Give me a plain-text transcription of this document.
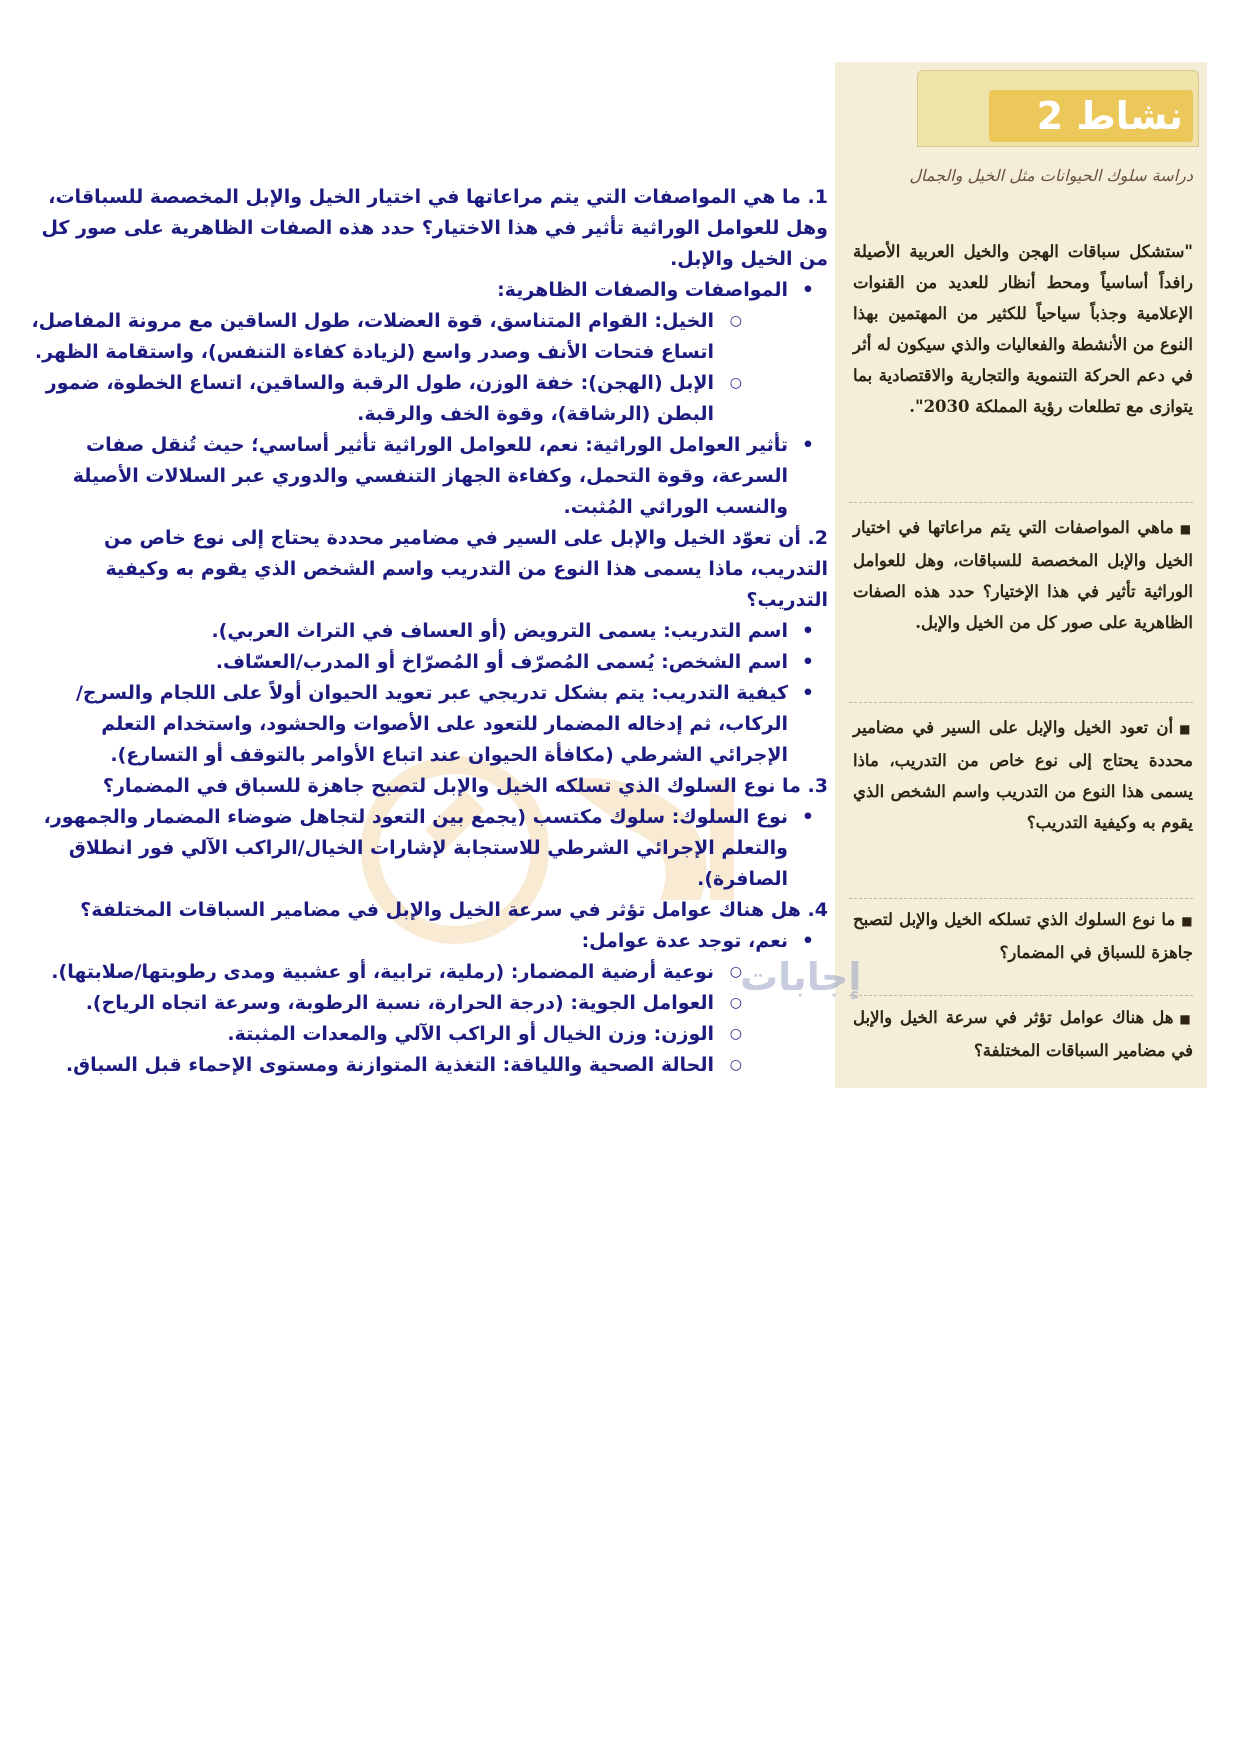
نشاط 2
دراسة سلوك الحيوانات مثل الخيل والجمال
"ستشكل سباقات الهجن والخيل العربية الأصيلة رافداً أساسياً ومحط أنظار للعديد من القنوات الإعلامية وجذباً سياحياً للكثير من المهتمين بهذا النوع من الأنشطة والفعاليات والذي سيكون له أثر في دعم الحركة التنموية والتجارية والاقتصادية بما يتوازى مع تطلعات رؤية المملكة 2030".
■ماهي المواصفات التي يتم مراعاتها في اختيار الخيل والإبل المخصصة للسباقات، وهل للعوامل الوراثية تأثير في هذا الإختيار؟ حدد هذه الصفات الظاهرية على صور كل من الخيل والإبل.
■أن تعود الخيل والإبل على السير في مضامير محددة يحتاج إلى نوع خاص من التدريب، ماذا يسمى هذا النوع من التدريب واسم الشخص الذي يقوم به وكيفية التدريب؟
■ما نوع السلوك الذي تسلكه الخيل والإبل لتصبح جاهزة للسباق في المضمار؟
■هل هناك عوامل تؤثر في سرعة الخيل والإبل في مضامير السباقات المختلفة؟
إجابات

1. ما هي المواصفات التي يتم مراعاتها في اختيار الخيل والإبل المخصصة للسباقات، وهل للعوامل الوراثية تأثير في هذا الاختيار؟ حدد هذه الصفات الظاهرية على صور كل من الخيل والإبل.

• المواصفات والصفات الظاهرية:
○ الخيل: القوام المتناسق، قوة العضلات، طول الساقين مع مرونة المفاصل، اتساع فتحات الأنف وصدر واسع (لزيادة كفاءة التنفس)، واستقامة الظهر.
○ الإبل (الهجن): خفة الوزن، طول الرقبة والساقين، اتساع الخطوة، ضمور البطن (الرشاقة)، وقوة الخف والرقبة.
• تأثير العوامل الوراثية: نعم، للعوامل الوراثية تأثير أساسي؛ حيث تُنقل صفات السرعة، وقوة التحمل، وكفاءة الجهاز التنفسي والدوري عبر السلالات الأصيلة والنسب الوراثي المُثبت.

2. أن تعوّد الخيل والإبل على السير في مضامير محددة يحتاج إلى نوع خاص من التدريب، ماذا يسمى هذا النوع من التدريب واسم الشخص الذي يقوم به وكيفية التدريب؟

• اسم التدريب: يسمى الترويض (أو العساف في التراث العربي).
• اسم الشخص: يُسمى المُصرّف أو المُصرّاخ أو المدرب/العسّاف.
• كيفية التدريب: يتم بشكل تدريجي عبر تعويد الحيوان أولاً على اللجام والسرج/الركاب، ثم إدخاله المضمار للتعود على الأصوات والحشود، واستخدام التعلم الإجرائي الشرطي (مكافأة الحيوان عند اتباع الأوامر بالتوقف أو التسارع).

3. ما نوع السلوك الذي تسلكه الخيل والإبل لتصبح جاهزة للسباق في المضمار؟

• نوع السلوك: سلوك مكتسب (يجمع بين التعود لتجاهل ضوضاء المضمار والجمهور، والتعلم الإجرائي الشرطي للاستجابة لإشارات الخيال/الراكب الآلي فور انطلاق الصافرة).

4. هل هناك عوامل تؤثر في سرعة الخيل والإبل في مضامير السباقات المختلفة؟

• نعم، توجد عدة عوامل:
○ نوعية أرضية المضمار: (رملية، ترابية، أو عشبية ومدى رطوبتها/صلابتها).
○ العوامل الجوية: (درجة الحرارة، نسبة الرطوبة، وسرعة اتجاه الرياح).
○ الوزن: وزن الخيال أو الراكب الآلي والمعدات المثبتة.
○ الحالة الصحية واللياقة: التغذية المتوازنة ومستوى الإحماء قبل السباق.
